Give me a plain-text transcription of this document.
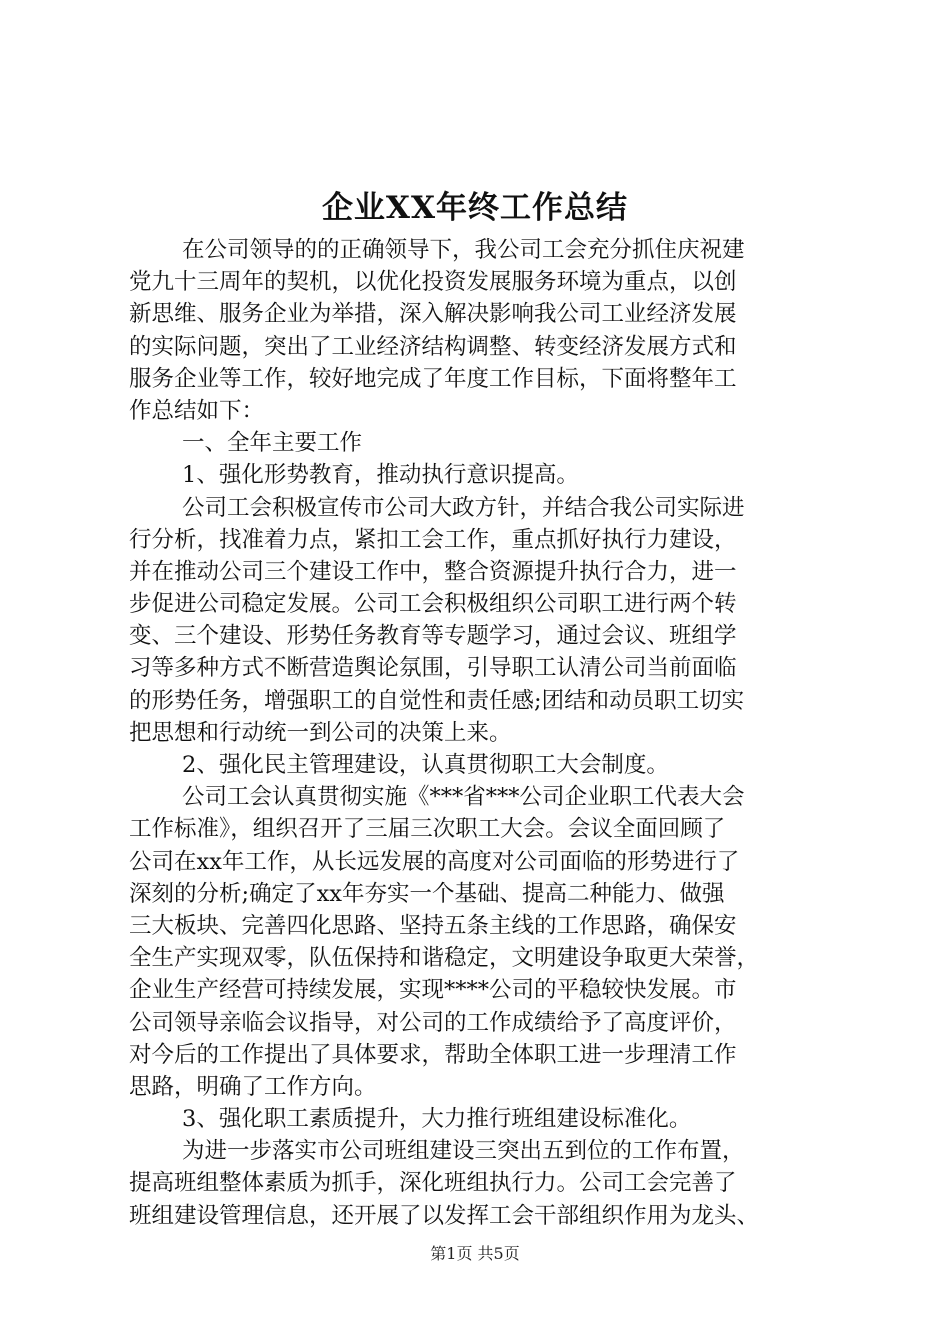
企业XX年终工作总结
在公司领导的的正确领导下，我公司工会充分抓住庆祝建
党九十三周年的契机，以优化投资发展服务环境为重点，以创
新思维、服务企业为举措，深入解决影响我公司工业经济发展
的实际问题，突出了工业经济结构调整、转变经济发展方式和
服务企业等工作，较好地完成了年度工作目标，下面将整年工
作总结如下：
一、全年主要工作
1、强化形势教育，推动执行意识提高。
公司工会积极宣传市公司大政方针，并结合我公司实际进
行分析，找准着力点，紧扣工会工作，重点抓好执行力建设，
并在推动公司三个建设工作中，整合资源提升执行合力，进一
步促进公司稳定发展。公司工会积极组织公司职工进行两个转
变、三个建设、形势任务教育等专题学习，通过会议、班组学
习等多种方式不断营造舆论氛围，引导职工认清公司当前面临
的形势任务，增强职工的自觉性和责任感;团结和动员职工切实
把思想和行动统一到公司的决策上来。
2、强化民主管理建设，认真贯彻职工大会制度。
公司工会认真贯彻实施《***省***公司企业职工代表大会
工作标准》，组织召开了三届三次职工大会。会议全面回顾了
公司在xx年工作，从长远发展的高度对公司面临的形势进行了
深刻的分析;确定了xx年夯实一个基础、提高二种能力、做强
三大板块、完善四化思路、坚持五条主线的工作思路，确保安
全生产实现双零，队伍保持和谐稳定，文明建设争取更大荣誉，
企业生产经营可持续发展，实现****公司的平稳较快发展。市
公司领导亲临会议指导，对公司的工作成绩给予了高度评价，
对今后的工作提出了具体要求，帮助全体职工进一步理清工作
思路，明确了工作方向。
3、强化职工素质提升，大力推行班组建设标准化。
为进一步落实市公司班组建设三突出五到位的工作布置，
提高班组整体素质为抓手，深化班组执行力。公司工会完善了
班组建设管理信息，还开展了以发挥工会干部组织作用为龙头、
第1页 共5页
